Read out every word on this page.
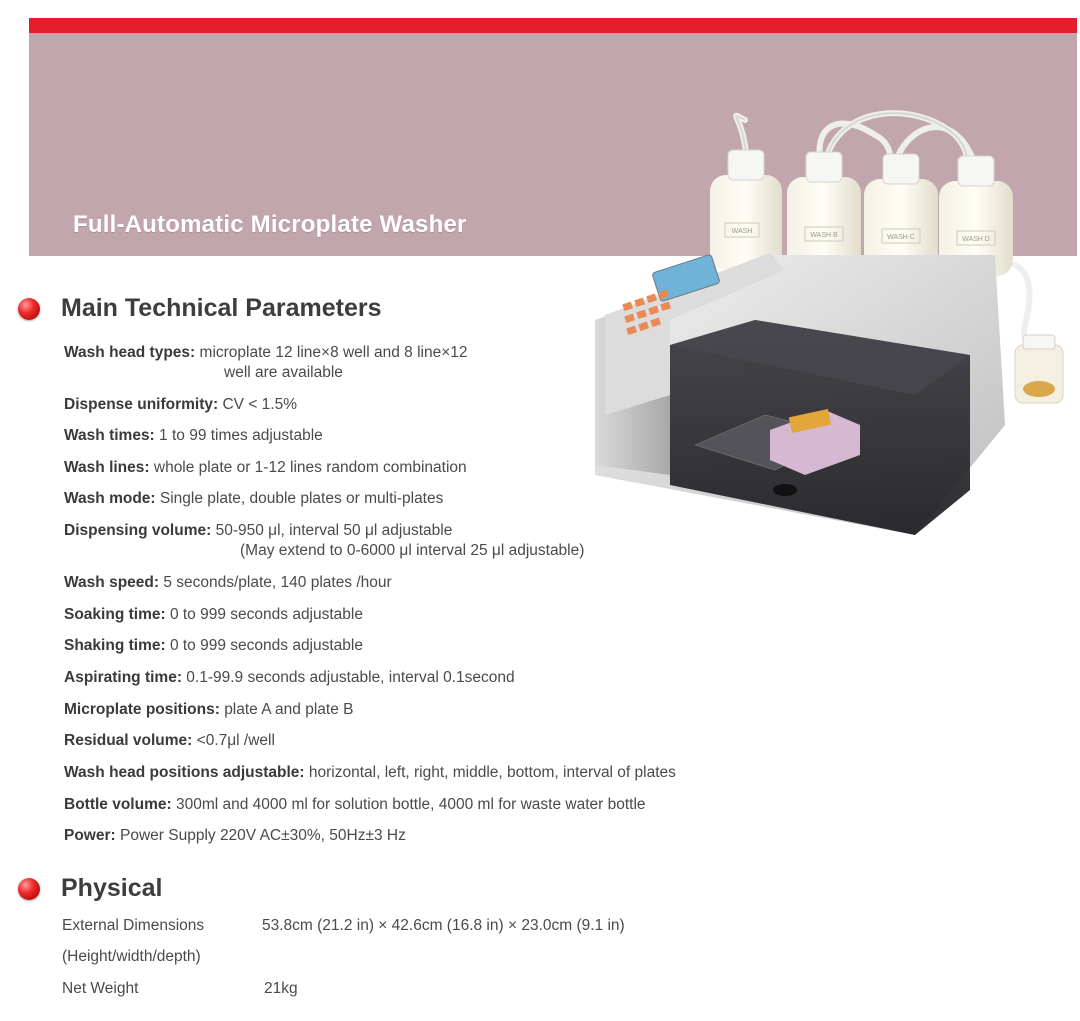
Full-Automatic Microplate Washer	WASH
WASH B	WASH C	WASH D
Main Technical Parameters
Wash head types: microplate 12 line×8 well and 8 line×12
well are available
Dispense uniformity: CV < 1.5%
Wash times: 1 to 99 times adjustable
Wash lines: whole plate or 1-12 lines random combination
Wash mode: Single plate, double plates or multi-plates
Dispensing volume: 50-950 μl, interval 50 μl adjustable
(May extend to 0-6000 μl interval 25 μl adjustable)
Wash speed: 5 seconds/plate, 140 plates /hour
Soaking time: 0 to 999 seconds adjustable
Shaking time: 0 to 999 seconds adjustable
Aspirating time: 0.1-99.9 seconds adjustable, interval 0.1second
Microplate positions: plate A and plate B
Residual volume: <0.7μl /well
Wash head positions adjustable: horizontal, left, right, middle, bottom, interval of plates
Bottle volume: 300ml and 4000 ml for solution bottle, 4000 ml for waste water bottle
Power: Power Supply 220V AC±30%, 50Hz±3 Hz
Physical
External Dimensions	53.8cm (21.2 in) × 42.6cm (16.8 in) × 23.0cm (9.1 in)
(Height/width/depth)
Net Weight	21kg
